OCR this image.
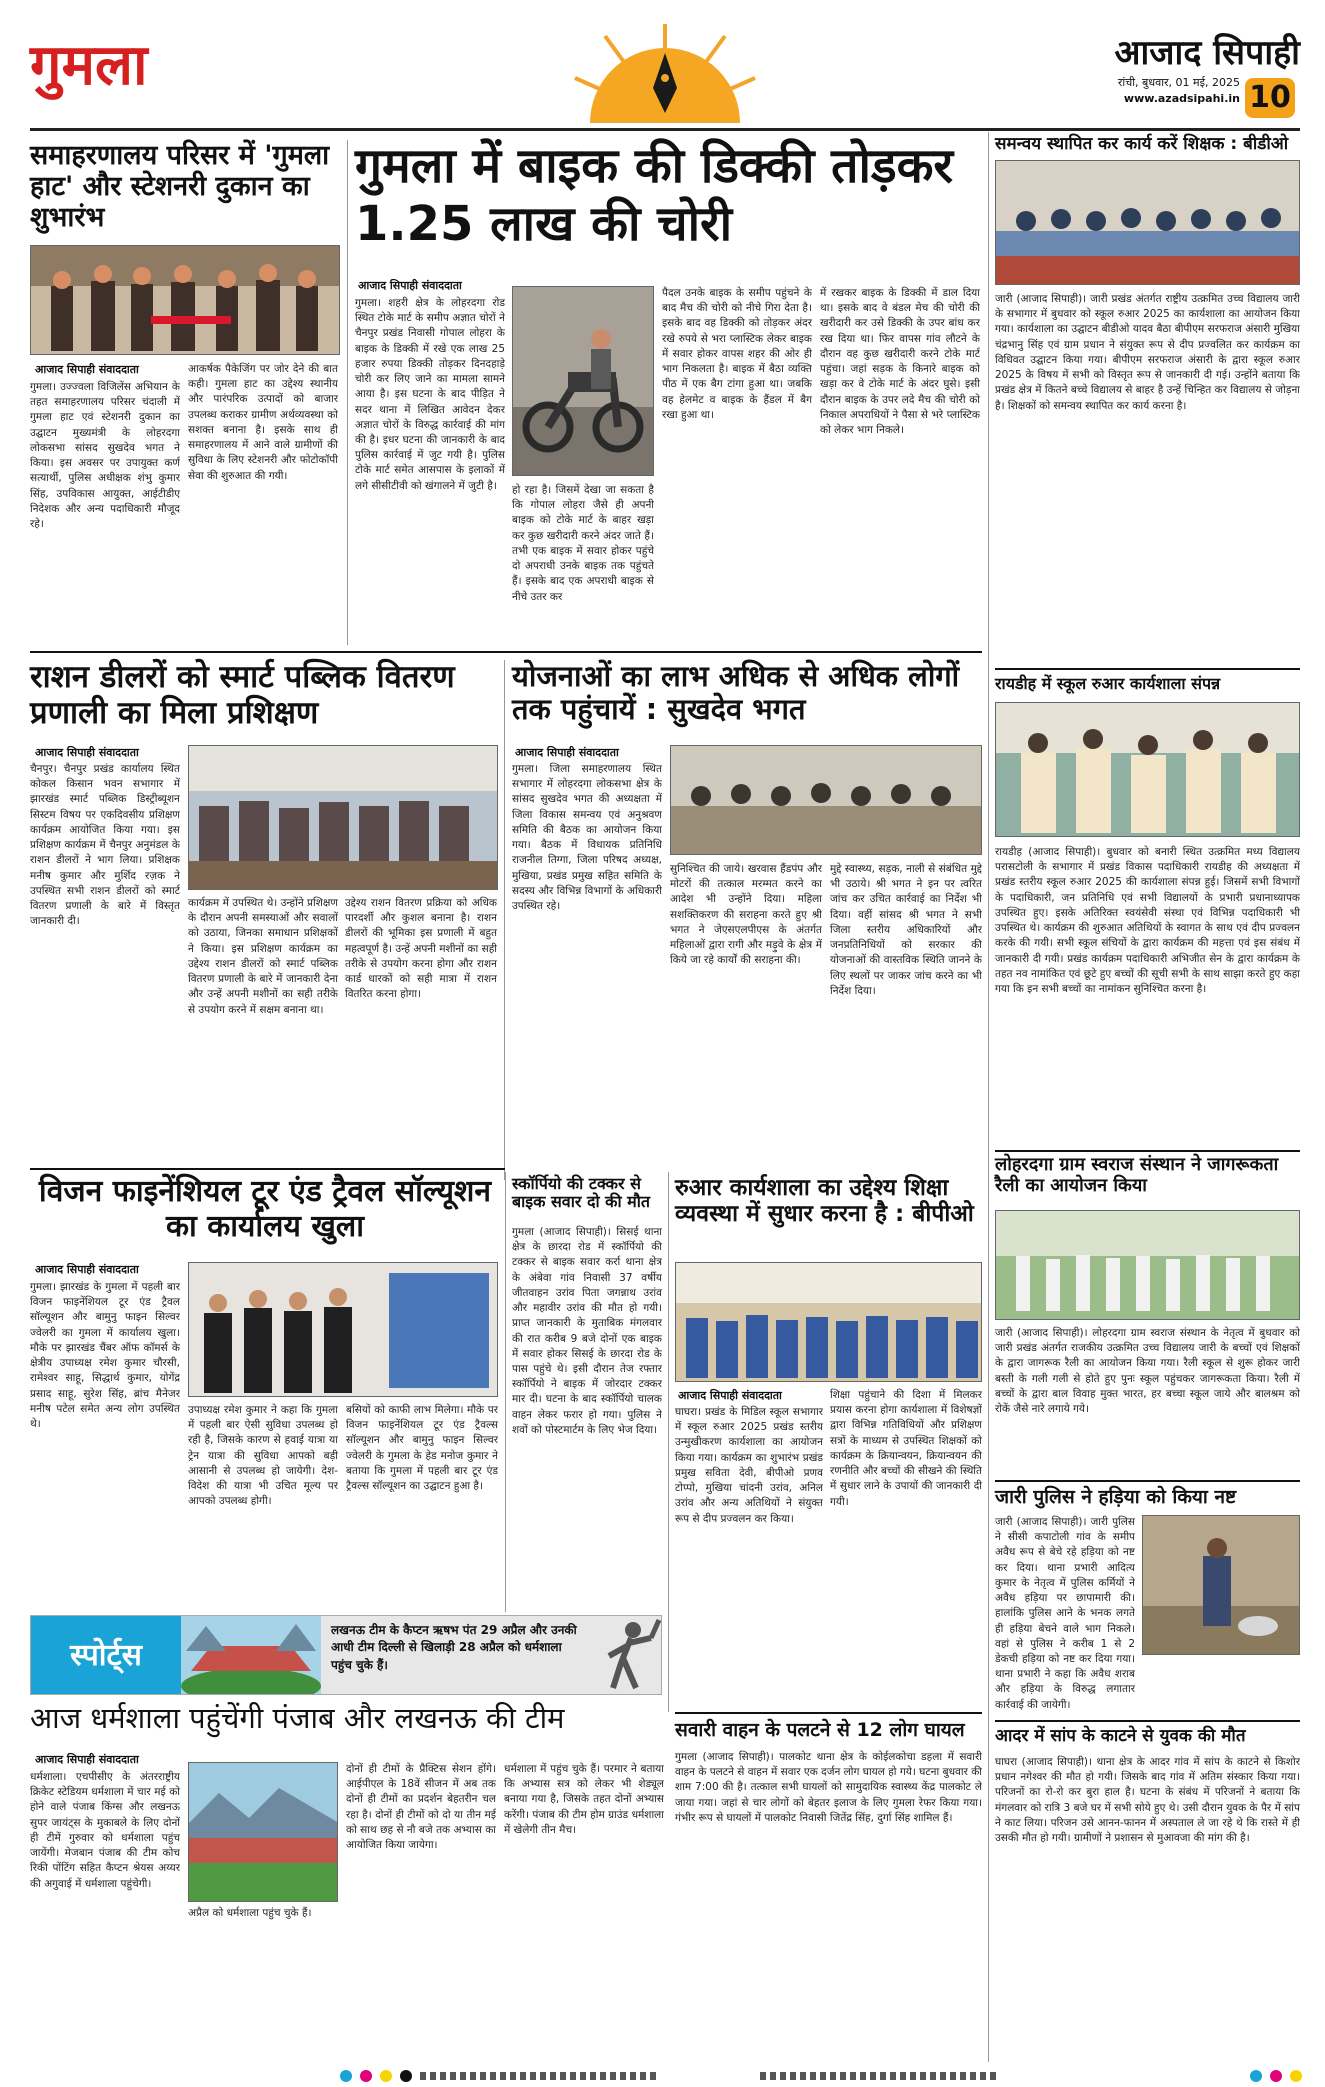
गुमला	आजाद सिपाही
रांची, बुधवार, 01 मई, 2025
www.azadsipahi.in 10
समाहरणालय परिसर में 'गुमला हाट' और स्टेशनरी दुकान का शुभारंभ
आजाद सिपाही संवाददाता
गुमला। उज्ज्वला विजिलेंस अभियान के तहत समाहरणालय परिसर चंदाली में गुमला हाट एवं स्टेशनरी दुकान का उद्घाटन मुख्यमंत्री के लोहरदगा लोकसभा सांसद सुखदेव भगत ने किया। इस अवसर पर उपायुक्त कर्ण सत्यार्थी, पुलिस अधीक्षक शंभु कुमार सिंह, उपविकास आयुक्त, आईटीडीए निदेशक और अन्य पदाधिकारी मौजूद रहे।
आकर्षक पैकेजिंग पर जोर देने की बात कही। गुमला हाट का उद्देश्य स्थानीय और पारंपरिक उत्पादों को बाजार उपलब्ध कराकर ग्रामीण अर्थव्यवस्था को सशक्त बनाना है। इसके साथ ही समाहरणालय में आने वाले ग्रामीणों की सुविधा के लिए स्टेशनरी और फोटोकॉपी सेवा की शुरुआत की गयी।
गुमला में बाइक की डिक्की तोड़कर 1.25 लाख की चोरी
आजाद सिपाही संवाददाता
गुमला। शहरी क्षेत्र के लोहरदगा रोड स्थित टोके मार्ट के समीप अज्ञात चोरों ने चैनपुर प्रखंड निवासी गोपाल लोहरा के बाइक के डिक्की में रखे एक लाख 25 हजार रुपया डिक्की तोड़कर दिनदहाड़े चोरी कर लिए जाने का मामला सामने आया है। इस घटना के बाद पीड़ित ने सदर थाना में लिखित आवेदन देकर अज्ञात चोरों के विरुद्ध कार्रवाई की मांग की है। इधर घटना की जानकारी के बाद पुलिस कार्रवाई में जुट गयी है। पुलिस टोके मार्ट समेत आसपास के इलाकों में लगे सीसीटीवी को खंगालने में जुटी है।	हो रहा है। जिसमें देखा जा सकता है कि गोपाल लोहरा जैसे ही अपनी बाइक को टोके मार्ट के बाहर खड़ा कर कुछ खरीदारी करने अंदर जाते हैं। तभी एक बाइक में सवार होकर पहुंचे दो अपराधी उनके बाइक तक पहुंचते हैं। इसके बाद एक अपराधी बाइक से नीचे उतर कर
पैदल उनके बाइक के समीप पहुंचने के बाद मैच की चोरी को नीचे गिरा देता है। इसके बाद वह डिक्की को तोड़कर अंदर रखे रुपये से भरा प्लास्टिक लेकर बाइक में सवार होकर वापस शहर की ओर ही भाग निकलता है। बाइक में बैठा व्यक्ति पीठ में एक बैग टांगा हुआ था। जबकि वह हेलमेट व बाइक के हैंडल में बैग रखा हुआ था।
में रखकर बाइक के डिक्की में डाल दिया था। इसके बाद वे बंडल मेच की चोरी की खरीदारी कर उसे डिक्की के उपर बांध कर रख दिया था। फिर वापस गांव लौटने के दौरान वह कुछ खरीदारी करने टोके मार्ट पहुंचा। जहां सड़क के किनारे बाइक को खड़ा कर वे टोके मार्ट के अंदर घुसे। इसी दौरान बाइक के उपर लदे मैच की चोरी को निकाल अपराधियों ने पैसा से भरे प्लास्टिक को लेकर भाग निकले।
समन्वय स्थापित कर कार्य करें शिक्षक : बीडीओ
जारी (आजाद सिपाही)। जारी प्रखंड अंतर्गत राष्ट्रीय उत्क्रमित उच्च विद्यालय जारी के सभागार में बुधवार को स्कूल रुआर 2025 का कार्यशाला का आयोजन किया गया। कार्यशाला का उद्घाटन बीडीओ यादव बैठा बीपीएम सरफराज अंसारी मुखिया चंद्रभानु सिंह एवं ग्राम प्रधान ने संयुक्त रूप से दीप प्रज्वलित कर कार्यक्रम का विधिवत उद्घाटन किया गया। बीपीएम सरफराज अंसारी के द्वारा स्कूल रुआर 2025 के विषय में सभी को विस्तृत रूप से जानकारी दी गई। उन्होंने बताया कि प्रखंड क्षेत्र में कितने बच्चे विद्यालय से बाहर है उन्हें चिन्हित कर विद्यालय से जोड़ना है। शिक्षकों को समन्वय स्थापित कर कार्य करना है।
राशन डीलरों को स्मार्ट पब्लिक वितरण प्रणाली का मिला प्रशिक्षण
आजाद सिपाही संवाददाता
चैनपुर। चैनपुर प्रखंड कार्यालय स्थित कोकल किसान भवन सभागार में झारखंड स्मार्ट पब्लिक डिस्ट्रीब्यूशन सिस्टम विषय पर एकदिवसीय प्रशिक्षण कार्यक्रम आयोजित किया गया। इस प्रशिक्षण कार्यक्रम में चैनपुर अनुमंडल के राशन डीलरों ने भाग लिया। प्रशिक्षक मनीष कुमार और मुर्शिद रज़क ने उपस्थित सभी राशन डीलरों को स्मार्ट वितरण प्रणाली के बारे में विस्तृत जानकारी दी।
कार्यक्रम में उपस्थित थे। उन्होंने प्रशिक्षण के दौरान अपनी समस्याओं और सवालों को उठाया, जिनका समाधान प्रशिक्षकों ने किया। इस प्रशिक्षण कार्यक्रम का उद्देश्य राशन डीलरों को स्मार्ट पब्लिक वितरण प्रणाली के बारे में जानकारी देना और उन्हें अपनी मशीनों का सही तरीके से उपयोग करने में सक्षम बनाना था।
उद्देश्य राशन वितरण प्रक्रिया को अधिक पारदर्शी और कुशल बनाना है। राशन डीलरों की भूमिका इस प्रणाली में बहुत महत्वपूर्ण है। उन्हें अपनी मशीनों का सही तरीके से उपयोग करना होगा और राशन कार्ड धारकों को सही मात्रा में राशन वितरित करना होगा।
योजनाओं का लाभ अधिक से अधिक लोगों तक पहुंचायें : सुखदेव भगत
आजाद सिपाही संवाददाता
गुमला। जिला समाहरणालय स्थित सभागार में लोहरदगा लोकसभा क्षेत्र के सांसद सुखदेव भगत की अध्यक्षता में जिला विकास समन्वय एवं अनुश्रवण समिति की बैठक का आयोजन किया गया। बैठक में विधायक प्रतिनिधि राजनील तिग्गा, जिला परिषद अध्यक्ष, मुखिया, प्रखंड प्रमुख सहित समिति के सदस्य और विभिन्न विभागों के अधिकारी उपस्थित रहे।
सुनिश्चित की जाये। खरवास हैंडपंप और मोटरों की तत्काल मरम्मत करने का आदेश भी उन्होंने दिया। महिला सशक्तिकरण की सराहना करते हुए श्री भगत ने जेएसएलपीएस के अंतर्गत महिलाओं द्वारा रागी और मड़ुवे के क्षेत्र में किये जा रहे कार्यों की सराहना की।
मुद्दे स्वास्थ्य, सड़क, नाली से संबंधित मुद्दे भी उठाये। श्री भगत ने इन पर त्वरित जांच कर उचित कार्रवाई का निर्देश भी दिया। वहीं सांसद श्री भगत ने सभी जिला स्तरीय अधिकारियों और जनप्रतिनिधियों को सरकार की योजनाओं की वास्तविक स्थिति जानने के लिए स्थलों पर जाकर जांच करने का भी निर्देश दिया।
रायडीह में स्कूल रुआर कार्यशाला संपन्न
रायडीह (आजाद सिपाही)। बुधवार को बनारी स्थित उत्क्रमित मध्य विद्यालय परासटोली के सभागार में प्रखंड विकास पदाधिकारी रायडीह की अध्यक्षता में प्रखंड स्तरीय स्कूल रुआर 2025 की कार्यशाला संपन्न हुई। जिसमें सभी विभागों के पदाधिकारी, जन प्रतिनिधि एवं सभी विद्यालयों के प्रभारी प्रधानाध्यापक उपस्थित हुए। इसके अतिरिक्त स्वयंसेवी संस्था एवं विभिन्न पदाधिकारी भी उपस्थित थे। कार्यक्रम की शुरुआत अतिथियों के स्वागत के साथ एवं दीप प्रज्वलन करके की गयी। सभी स्कूल संचियों के द्वारा कार्यक्रम की महत्ता एवं इस संबंध में जानकारी दी गयी। प्रखंड कार्यक्रम पदाधिकारी अभिजीत सेन के द्वारा कार्यक्रम के तहत नव नामांकित एवं छूटे हुए बच्चों की सूची सभी के साथ साझा करते हुए कहा गया कि इन सभी बच्चों का नामांकन सुनिश्चित करना है।
विजन फाइनेंशियल टूर एंड ट्रैवल सॉल्यूशन का कार्यालय खुला
आजाद सिपाही संवाददाता
गुमला। झारखंड के गुमला में पहली बार विजन फाइनेंशियल टूर एंड ट्रैवल सॉल्यूशन और बामुनु फाइन सिल्वर ज्वेलरी का गुमला में कार्यालय खुला। मौके पर झारखंड चैंबर ऑफ कॉमर्स के क्षेत्रीय उपाध्यक्ष रमेश कुमार चौरसी, रामेश्वर साहू, सिद्धार्थ कुमार, योगेंद्र प्रसाद साहू, सुरेश सिंह, ब्रांच मैनेजर मनीष पटेल समेत अन्य लोग उपस्थित थे।
उपाध्यक्ष रमेश कुमार ने कहा कि गुमला में पहली बार ऐसी सुविधा उपलब्ध हो रही है, जिसके कारण से हवाई यात्रा या ट्रेन यात्रा की सुविधा आपको बड़ी आसानी से उपलब्ध हो जायेगी। देश-विदेश की यात्रा भी उचित मूल्य पर आपको उपलब्ध होगी।
बसियों को काफी लाभ मिलेगा। मौके पर विजन फाइनेंशियल टूर एंड ट्रैवल्स सॉल्यूशन और बामुनु फाइन सिल्वर ज्वेलरी के गुमला के हेड मनोज कुमार ने बताया कि गुमला में पहली बार टूर एंड ट्रैवल्स सॉल्यूशन का उद्घाटन हुआ है।
स्कॉर्पियो की टक्कर से बाइक सवार दो की मौत
गुमला (आजाद सिपाही)। सिसई थाना क्षेत्र के छारदा रोड में स्कॉर्पियो की टक्कर से बाइक सवार कर्रा थाना क्षेत्र के अंबेवा गांव निवासी 37 वर्षीय जीतवाहन उरांव पिता जगन्नाथ उरांव और महावीर उरांव की मौत हो गयी। प्राप्त जानकारी के मुताबिक मंगलवार की रात करीब 9 बजे दोनों एक बाइक में सवार होकर सिसई के छारदा रोड के पास पहुंचे थे। इसी दौरान तेज रफ्तार स्कॉर्पियो ने बाइक में जोरदार टक्कर मार दी। घटना के बाद स्कॉर्पियो चालक वाहन लेकर फरार हो गया। पुलिस ने शवों को पोस्टमार्टम के लिए भेज दिया।
रुआर कार्यशाला का उद्देश्य शिक्षा व्यवस्था में सुधार करना है : बीपीओ
आजाद सिपाही संवाददाता
घाघरा। प्रखंड के मिडिल स्कूल सभागार में स्कूल रुआर 2025 प्रखंड स्तरीय उन्मुखीकरण कार्यशाला का आयोजन किया गया। कार्यक्रम का शुभारंभ प्रखंड प्रमुख सविता देवी, बीपीओ प्रणव टोप्पो, मुखिया चांदनी उरांव, अनिल उरांव और अन्य अतिथियों ने संयुक्त रूप से दीप प्रज्वलन कर किया।
शिक्षा पहुंचाने की दिशा में मिलकर प्रयास करना होगा कार्यशाला में विशेषज्ञों द्वारा विभिन्न गतिविधियों और प्रशिक्षण सत्रों के माध्यम से उपस्थित शिक्षकों को कार्यक्रम के क्रियान्वयन, क्रियान्वयन की रणनीति और बच्चों की सीखने की स्थिति में सुधार लाने के उपायों की जानकारी दी गयी।
लोहरदगा ग्राम स्वराज संस्थान ने जागरूकता रैली का आयोजन किया
जारी (आजाद सिपाही)। लोहरदगा ग्राम स्वराज संस्थान के नेतृत्व में बुधवार को जारी प्रखंड अंतर्गत राजकीय उत्क्रमित उच्च विद्यालय जारी के बच्चों एवं शिक्षकों के द्वारा जागरूक रैली का आयोजन किया गया। रैली स्कूल से शुरू होकर जारी बस्ती के गली गली से होते हुए पुनः स्कूल पहुंचकर जागरूकता किया। रैली में बच्चों के द्वारा बाल विवाह मुक्त भारत, हर बच्चा स्कूल जाये और बालश्रम को रोकें जैसे नारे लगाये गये।
जारी पुलिस ने हड़िया को किया नष्ट
जारी (आजाद सिपाही)। जारी पुलिस ने सीसी कपाटोली गांव के समीप अवैध रूप से बेचे रहे हड़िया को नष्ट कर दिया। थाना प्रभारी आदित्य कुमार के नेतृत्व में पुलिस कर्मियों ने अवैध हड़िया पर छापामारी की। हालांकि पुलिस आने के भनक लगते ही हड़िया बेचने वाले भाग निकले। वहां से पुलिस ने करीब 1 से 2 डेकची हड़िया को नष्ट कर दिया गया। थाना प्रभारी ने कहा कि अवैध शराब और हड़िया के विरुद्ध लगातार कार्रवाई की जायेगी।
स्पोर्ट्स
लखनऊ टीम के कैप्टन ऋषभ पंत 29 अप्रैल और उनकी आधी टीम दिल्ली से खिलाड़ी 28 अप्रैल को धर्मशाला पहुंच चुके हैं।
आज धर्मशाला पहुंचेंगी पंजाब और लखनऊ की टीम
आजाद सिपाही संवाददाता
धर्मशाला। एचपीसीए के अंतरराष्ट्रीय क्रिकेट स्टेडियम धर्मशाला में चार मई को होने वाले पंजाब किंग्स और लखनऊ सुपर जायंट्स के मुकाबले के लिए दोनों ही टीमें गुरुवार को धर्मशाला पहुंच जायेंगी। मेजबान पंजाब की टीम कोच रिकी पोंटिंग सहित कैप्टन श्रेयस अय्यर की अगुवाई में धर्मशाला पहुंचेगी।
अप्रैल को धर्मशाला पहुंच चुके हैं।
दोनों ही टीमों के प्रैक्टिस सेशन होंगे। आईपीएल के 18वें सीजन में अब तक दोनों ही टीमों का प्रदर्शन बेहतरीन चल रहा है। दोनों ही टीमों को दो या तीन मई को साथ छह से नौ बजे तक अभ्यास का आयोजित किया जायेगा।
धर्मशाला में पहुंच चुके हैं। परमार ने बताया कि अभ्यास सत्र को लेकर भी शेड्यूल बनाया गया है, जिसके तहत दोनों अभ्यास करेंगी। पंजाब की टीम होम ग्राउंड धर्मशाला में खेलेगी तीन मैच।
सवारी वाहन के पलटने से 12 लोग घायल
गुमला (आजाद सिपाही)। पालकोट थाना क्षेत्र के कोईलकोचा डहला में सवारी वाहन के पलटने से वाहन में सवार एक दर्जन लोग घायल हो गये। घटना बुधवार की शाम 7:00 की है। तत्काल सभी घायलों को सामुदायिक स्वास्थ्य केंद्र पालकोट ले जाया गया। जहां से चार लोगों को बेहतर इलाज के लिए गुमला रेफर किया गया। गंभीर रूप से घायलों में पालकोट निवासी जितेंद्र सिंह, दुर्गा सिंह शामिल हैं।
आदर में सांप के काटने से युवक की मौत
घाघरा (आजाद सिपाही)। थाना क्षेत्र के आदर गांव में सांप के काटने से किशोर प्रधान नगेश्वर की मौत हो गयी। जिसके बाद गांव में अतिम संस्कार किया गया। परिजनों का रो-रो कर बुरा हाल है। घटना के संबंध में परिजनों ने बताया कि मंगलवार को रात्रि 3 बजे घर में सभी सोये हुए थे। उसी दौरान युवक के पैर में सांप ने काट लिया। परिजन उसे आनन-फानन में अस्पताल ले जा रहे थे कि रास्ते में ही उसकी मौत हो गयी। ग्रामीणों ने प्रशासन से मुआवजा की मांग की है।
